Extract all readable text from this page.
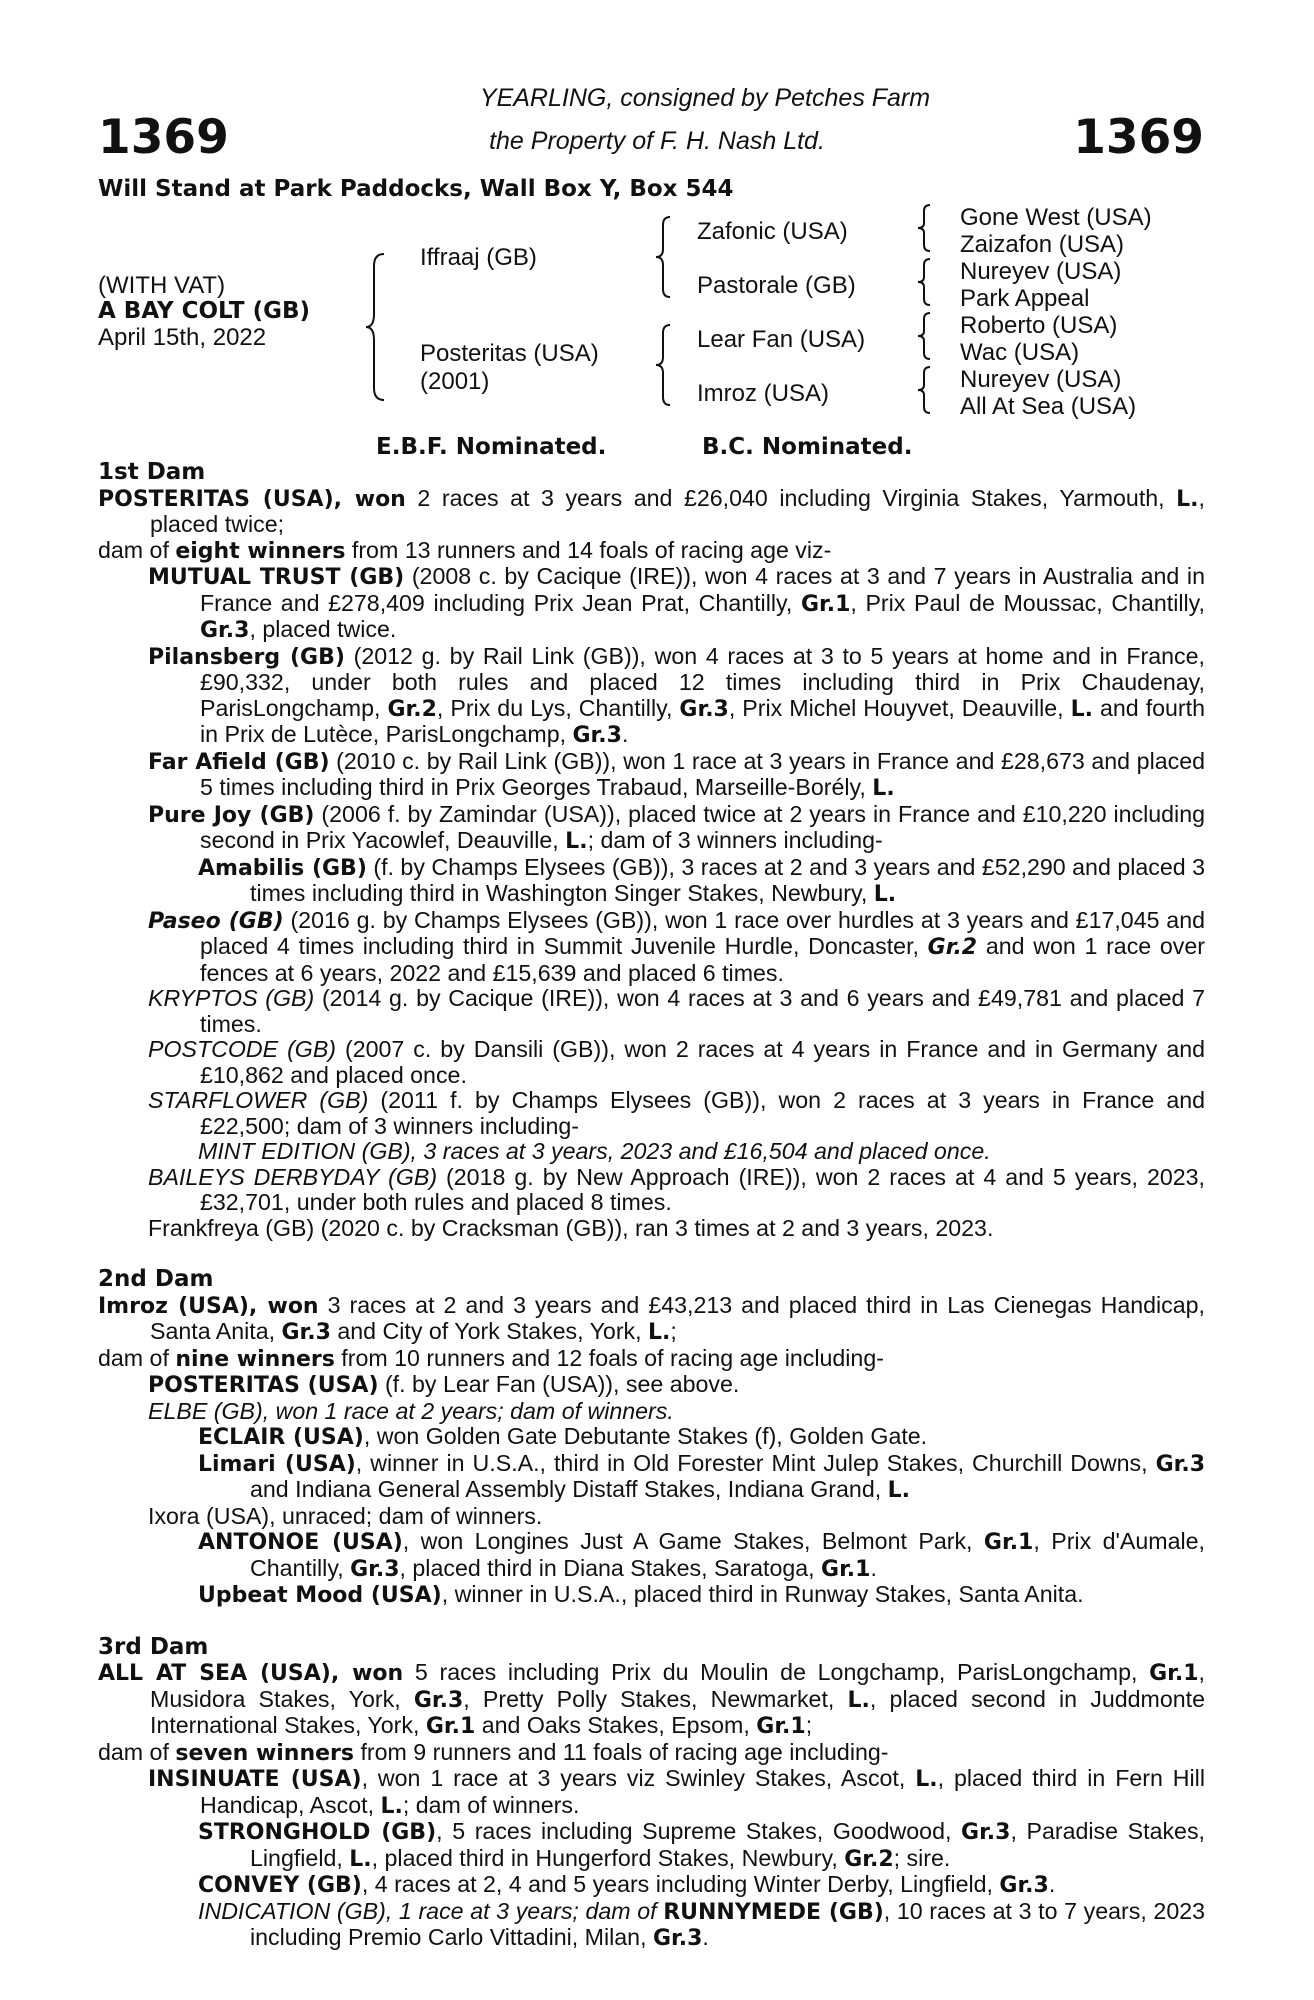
1369	1369
YEARLING, consigned by Petches Farm
the Property of F. H. Nash Ltd.
Will Stand at Park Paddocks, Wall Box Y, Box 544
(WITH VAT)
A BAY COLT (GB)
April 15th, 2022
Iffraaj (GB)
Posteritas (USA)
(2001)
Zafonic (USA)
Pastorale (GB)
Lear Fan (USA)
Imroz (USA)
Gone West (USA)
Zaizafon (USA)
Nureyev (USA)
Park Appeal
Roberto (USA)
Wac (USA)
Nureyev (USA)
All At Sea (USA)
E.B.F. Nominated.	B.C. Nominated.

1st Dam

POSTERITAS (USA), won 2 races at 3 years and £26,040 including Virginia Stakes, Yarmouth, L., placed twice;

dam of eight winners from 13 runners and 14 foals of racing age viz-

MUTUAL TRUST (GB) (2008 c. by Cacique (IRE)), won 4 races at 3 and 7 years in Australia and in France and £278,409 including Prix Jean Prat, Chantilly, Gr.1, Prix Paul de Moussac, Chantilly, Gr.3, placed twice.

Pilansberg (GB) (2012 g. by Rail Link (GB)), won 4 races at 3 to 5 years at home and in France, £90,332, under both rules and placed 12 times including third in Prix Chaudenay, ParisLongchamp, Gr.2, Prix du Lys, Chantilly, Gr.3, Prix Michel Houyvet, Deauville, L. and fourth in Prix de Lutèce, ParisLongchamp, Gr.3.

Far Afield (GB) (2010 c. by Rail Link (GB)), won 1 race at 3 years in France and £28,673 and placed 5 times including third in Prix Georges Trabaud, Marseille-Borély, L.

Pure Joy (GB) (2006 f. by Zamindar (USA)), placed twice at 2 years in France and £10,220 including second in Prix Yacowlef, Deauville, L.; dam of 3 winners including-

Amabilis (GB) (f. by Champs Elysees (GB)), 3 races at 2 and 3 years and £52,290 and placed 3 times including third in Washington Singer Stakes, Newbury, L.

Paseo (GB) (2016 g. by Champs Elysees (GB)), won 1 race over hurdles at 3 years and £17,045 and placed 4 times including third in Summit Juvenile Hurdle, Doncaster, Gr.2 and won 1 race over fences at 6 years, 2022 and £15,639 and placed 6 times.

KRYPTOS (GB) (2014 g. by Cacique (IRE)), won 4 races at 3 and 6 years and £49,781 and placed 7 times.

POSTCODE (GB) (2007 c. by Dansili (GB)), won 2 races at 4 years in France and in Germany and £10,862 and placed once.

STARFLOWER (GB) (2011 f. by Champs Elysees (GB)), won 2 races at 3 years in France and £22,500; dam of 3 winners including-

MINT EDITION (GB), 3 races at 3 years, 2023 and £16,504 and placed once.

BAILEYS DERBYDAY (GB) (2018 g. by New Approach (IRE)), won 2 races at 4 and 5 years, 2023, £32,701, under both rules and placed 8 times.

Frankfreya (GB) (2020 c. by Cracksman (GB)), ran 3 times at 2 and 3 years, 2023.

2nd Dam

Imroz (USA), won 3 races at 2 and 3 years and £43,213 and placed third in Las Cienegas Handicap, Santa Anita, Gr.3 and City of York Stakes, York, L.;

dam of nine winners from 10 runners and 12 foals of racing age including-

POSTERITAS (USA) (f. by Lear Fan (USA)), see above.

ELBE (GB), won 1 race at 2 years; dam of winners.

ECLAIR (USA), won Golden Gate Debutante Stakes (f), Golden Gate.

Limari (USA), winner in U.S.A., third in Old Forester Mint Julep Stakes, Churchill Downs, Gr.3 and Indiana General Assembly Distaff Stakes, Indiana Grand, L.

Ixora (USA), unraced; dam of winners.

ANTONOE (USA), won Longines Just A Game Stakes, Belmont Park, Gr.1, Prix d'Aumale, Chantilly, Gr.3, placed third in Diana Stakes, Saratoga, Gr.1.

Upbeat Mood (USA), winner in U.S.A., placed third in Runway Stakes, Santa Anita.

3rd Dam

ALL AT SEA (USA), won 5 races including Prix du Moulin de Longchamp, ParisLongchamp, Gr.1, Musidora Stakes, York, Gr.3, Pretty Polly Stakes, Newmarket, L., placed second in Juddmonte International Stakes, York, Gr.1 and Oaks Stakes, Epsom, Gr.1;

dam of seven winners from 9 runners and 11 foals of racing age including-

INSINUATE (USA), won 1 race at 3 years viz Swinley Stakes, Ascot, L., placed third in Fern Hill Handicap, Ascot, L.; dam of winners.

STRONGHOLD (GB), 5 races including Supreme Stakes, Goodwood, Gr.3, Paradise Stakes, Lingfield, L., placed third in Hungerford Stakes, Newbury, Gr.2; sire.

CONVEY (GB), 4 races at 2, 4 and 5 years including Winter Derby, Lingfield, Gr.3.

INDICATION (GB), 1 race at 3 years; dam of RUNNYMEDE (GB), 10 races at 3 to 7 years, 2023 including Premio Carlo Vittadini, Milan, Gr.3.
